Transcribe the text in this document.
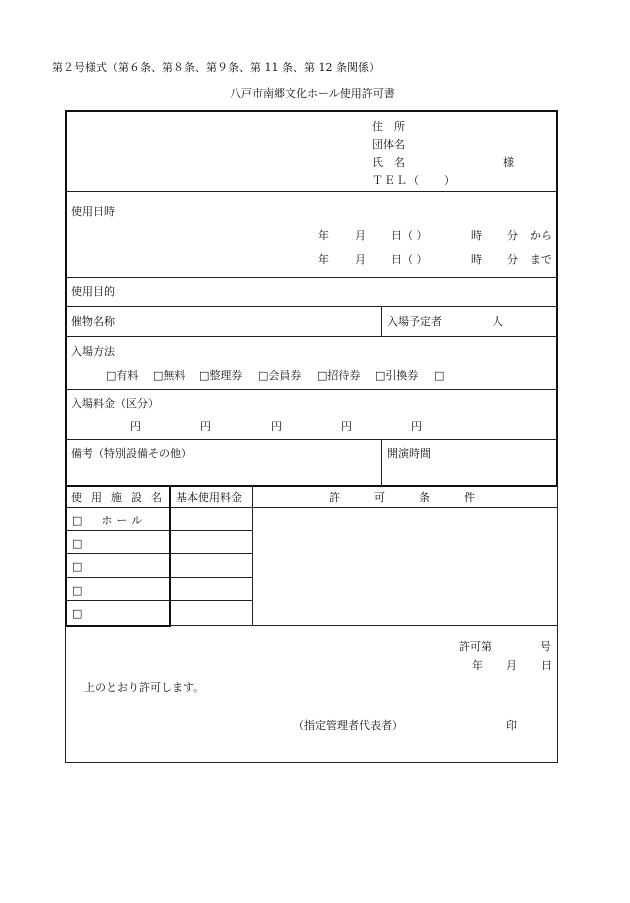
第２号様式（第６条、第８条、第９条、第 11 条、第 12 条関係）
八戸市南郷文化ホール使用許可書
住　所
団体名
氏　名	様
ＴＥＬ（　　）
使用日時
年 月 日（ ）	時 分 から
年 月 日（ ）	時 分 まで
使用目的
催物名称	入場予定者	人
入場方法
□有料 □無料 □整理券 □会員券 □招待券 □引換券 □
入場料金（区分）
円	円	円	円	円
備考（特別設備その他）	開演時間
使用施設名 基本使用料金	許可条件
□　ホール
□
□
□
□
許可第	号
年 月 日
上のとおり許可します。
（指定管理者代表者）	印
